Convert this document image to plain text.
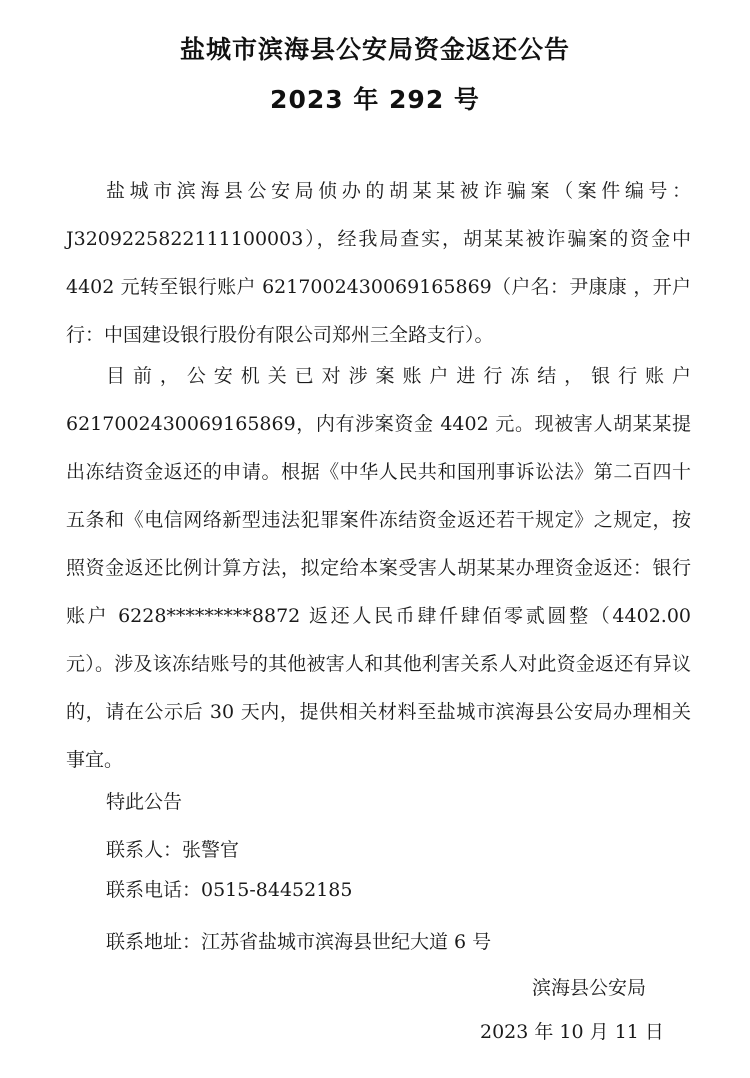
盐城市滨海县公安局资金返还公告
2023 年 292 号

盐城市滨海县公安局侦办的胡某某被诈骗案（案件编号：J3209225822111100003），经我局查实，胡某某被诈骗案的资金中 4402 元转至银行账户 6217002430069165869（户名：尹康康 ，开户行：中国建设银行股份有限公司郑州三全路支行）。

目前，公安机关已对涉案账户进行冻结，银行账户 6217002430069165869，内有涉案资金 4402 元。现被害人胡某某提出冻结资金返还的申请。根据《中华人民共和国刑事诉讼法》第二百四十五条和《电信网络新型违法犯罪案件冻结资金返还若干规定》之规定，按照资金返还比例计算方法，拟定给本案受害人胡某某办理资金返还：银行账户 6228*********8872 返还人民币肆仟肆佰零贰圆整（4402.00 元）。涉及该冻结账号的其他被害人和其他利害关系人对此资金返还有异议的，请在公示后 30 天内，提供相关材料至盐城市滨海县公安局办理相关事宜。

特此公告
联系人：张警官
联系电话：0515-84452185
联系地址：江苏省盐城市滨海县世纪大道 6 号
滨海县公安局
2023 年 10 月 11 日
